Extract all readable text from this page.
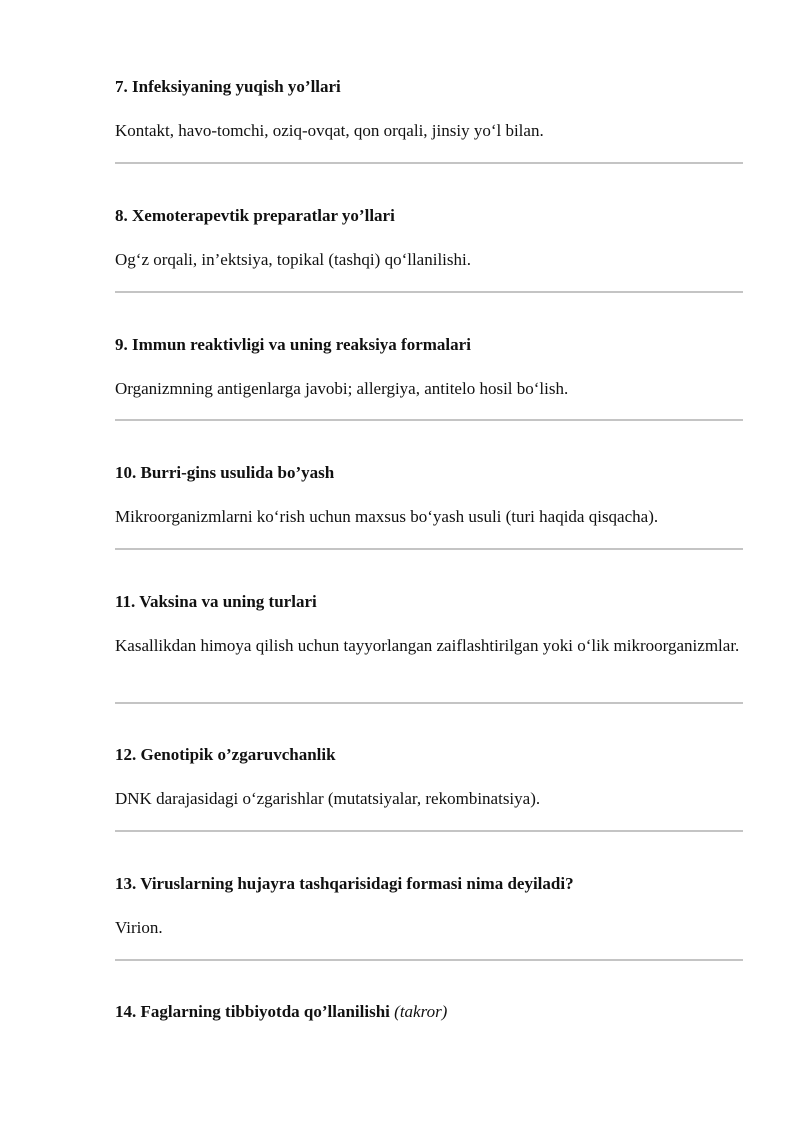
7. Infeksiyaning yuqish yo’llari

Kontakt, havo-tomchi, oziq-ovqat, qon orqali, jinsiy yo‘l bilan.

8. Xemoterapevtik preparatlar yo’llari

Og‘z orqali, in’ektsiya, topikal (tashqi) qo‘llanilishi.

9. Immun reaktivligi va uning reaksiya formalari

Organizmning antigenlarga javobi; allergiya, antitelo hosil bo‘lish.

10. Burri-gins usulida bo’yash

Mikroorganizmlarni ko‘rish uchun maxsus bo‘yash usuli (turi haqida qisqacha).

11. Vaksina va uning turlari

Kasallikdan himoya qilish uchun tayyorlangan zaiflashtirilgan yoki o‘lik mikroorganizmlar.

12. Genotipik o’zgaruvchanlik

DNK darajasidagi o‘zgarishlar (mutatsiyalar, rekombinatsiya).

13. Viruslarning hujayra tashqarisidagi formasi nima deyiladi?

Virion.

14. Faglarning tibbiyotda qo’llanilishi (takror)
